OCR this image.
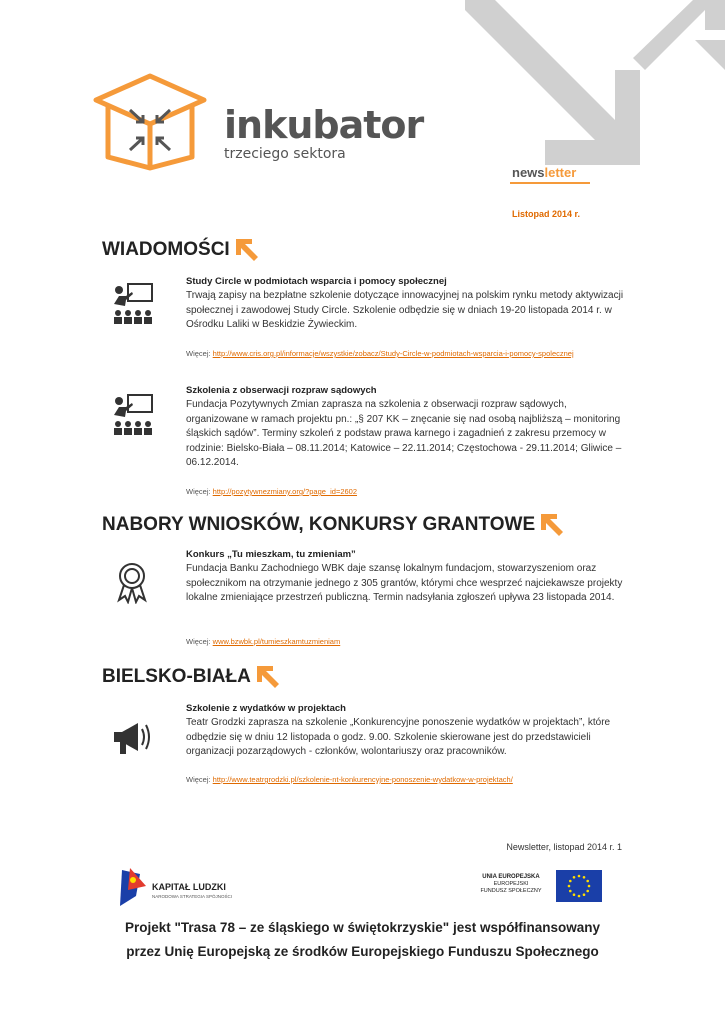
inkubator
trzeciego sektora
newsletter
Listopad 2014 r.
WIADOMOŚCI
Study Circle w podmiotach wsparcia i pomocy społecznej
Trwają zapisy na bezpłatne szkolenie dotyczące innowacyjnej na polskim rynku metody aktywizacji społecznej i zawodowej Study Circle. Szkolenie odbędzie się w dniach 19-20 listopada 2014 r. w Ośrodku Laliki w Beskidzie Żywieckim.
Więcej: http://www.cris.org.pl/informacje/wszystkie/zobacz/Study-Circle-w-podmiotach-wsparcia-i-pomocy-spolecznej
Szkolenia z obserwacji rozpraw sądowych
Fundacja Pozytywnych Zmian zaprasza na szkolenia z obserwacji rozpraw sądowych, organizowane w ramach projektu pn.: „§ 207 KK – znęcanie się nad osobą najbliższą – monitoring śląskich sądów”. Terminy szkoleń z podstaw prawa karnego i zagadnień z zakresu przemocy w rodzinie: Bielsko-Biała – 08.11.2014; Katowice – 22.11.2014; Częstochowa - 29.11.2014; Gliwice – 06.12.2014.
Więcej: http://pozytywnezmiany.org/?page_id=2602
NABORY WNIOSKÓW, KONKURSY GRANTOWE
Konkurs „Tu mieszkam, tu zmieniam”
Fundacja Banku Zachodniego WBK daje szansę lokalnym fundacjom, stowarzyszeniom oraz społecznikom na otrzymanie jednego z 305 grantów, którymi chce wesprzeć najciekawsze projekty lokalne zmieniające przestrzeń publiczną. Termin nadsyłania zgłoszeń upływa 23 listopada 2014.
Więcej: www.bzwbk.pl/tumieszkamtuzmieniam
BIELSKO-BIAŁA
Szkolenie z wydatków w projektach
Teatr Grodzki zaprasza na szkolenie „Konkurencyjne ponoszenie wydatków w projektach”, które odbędzie się w dniu 12 listopada o godz. 9.00. Szkolenie skierowane jest do przedstawicieli organizacji pozarządowych - członków, wolontariuszy oraz pracowników.
Więcej: http://www.teatrgrodzki.pl/szkolenie-nt-konkurencyjne-ponoszenie-wydatkow-w-projektach/
Newsletter, listopad 2014 r. 1
KAPITAŁ LUDZKI
NARODOWA STRATEGIA SPÓJNOŚCI
UNIA EUROPEJSKA
EUROPEJSKI
FUNDUSZ SPOŁECZNY
Projekt "Trasa 78 – ze śląskiego w świętokrzyskie" jest współfinansowany
przez Unię Europejską ze środków Europejskiego Funduszu Społecznego
